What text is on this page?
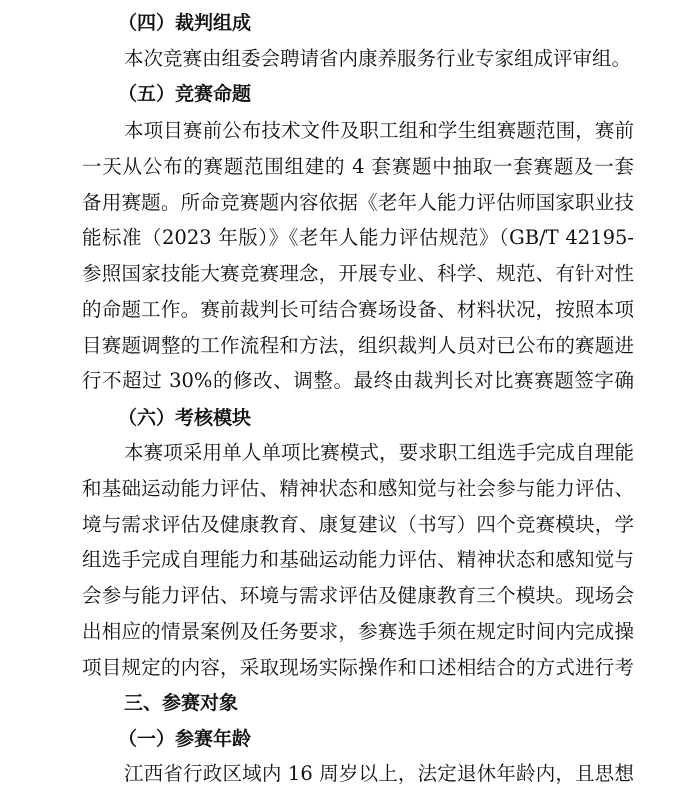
（四）裁判组成
本次竞赛由组委会聘请省内康养服务行业专家组成评审组。
（五）竞赛命题
本项目赛前公布技术文件及职工组和学生组赛题范围，赛前
一天从公布的赛题范围组建的 4 套赛题中抽取一套赛题及一套
备用赛题。所命竞赛题内容依据《老年人能力评估师国家职业技
能标准（2023 年版）》《老年人能力评估规范》（GB/T 42195-
参照国家技能大赛竞赛理念，开展专业、科学、规范、有针对性
的命题工作。赛前裁判长可结合赛场设备、材料状况，按照本项
目赛题调整的工作流程和方法，组织裁判人员对已公布的赛题进
行不超过 30%的修改、调整。最终由裁判长对比赛赛题签字确
（六）考核模块
本赛项采用单人单项比赛模式，要求职工组选手完成自理能
和基础运动能力评估、精神状态和感知觉与社会参与能力评估、
境与需求评估及健康教育、康复建议（书写）四个竞赛模块，学
组选手完成自理能力和基础运动能力评估、精神状态和感知觉与
会参与能力评估、环境与需求评估及健康教育三个模块。现场会
出相应的情景案例及任务要求，参赛选手须在规定时间内完成操
项目规定的内容，采取现场实际操作和口述相结合的方式进行考
三、参赛对象
（一）参赛年龄
江西省行政区域内 16 周岁以上，法定退休年龄内，且思想
